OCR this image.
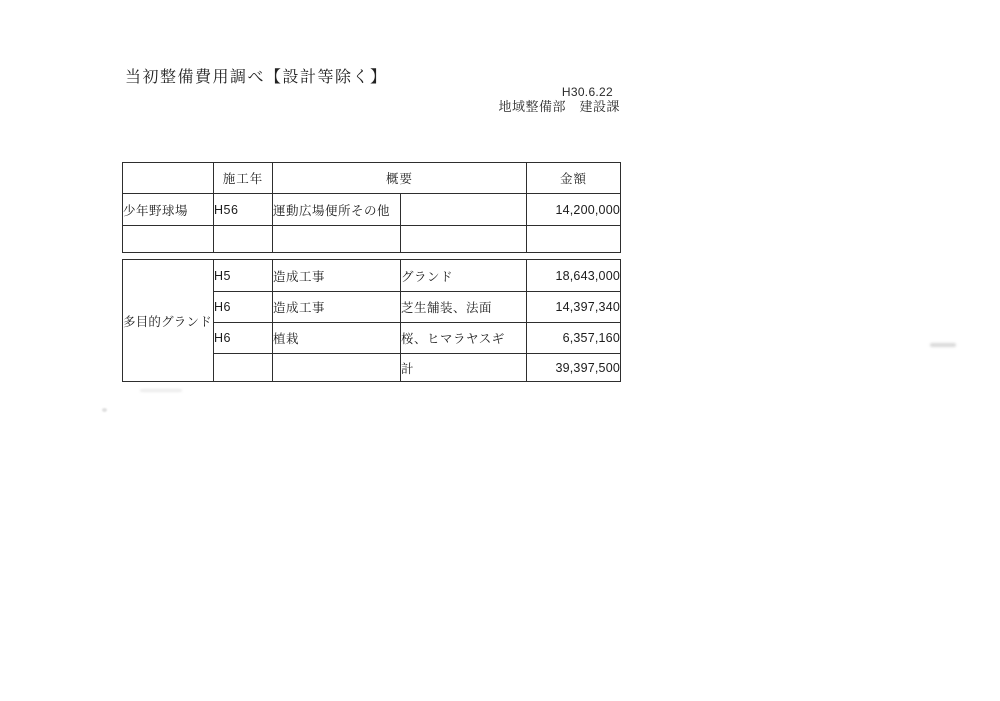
当初整備費用調べ【設計等除く】
H30.6.22
地域整備部　建設課
	施工年	概要		金額
少年野球場	H56	運動広場便所その他		14,200,000

多目的グランド	H5	造成工事	グランド	18,643,000
	H6	造成工事	芝生舗装、法面	14,397,340
	H6	植栽	桜、ヒマラヤスギ	6,357,160
			計	39,397,500
